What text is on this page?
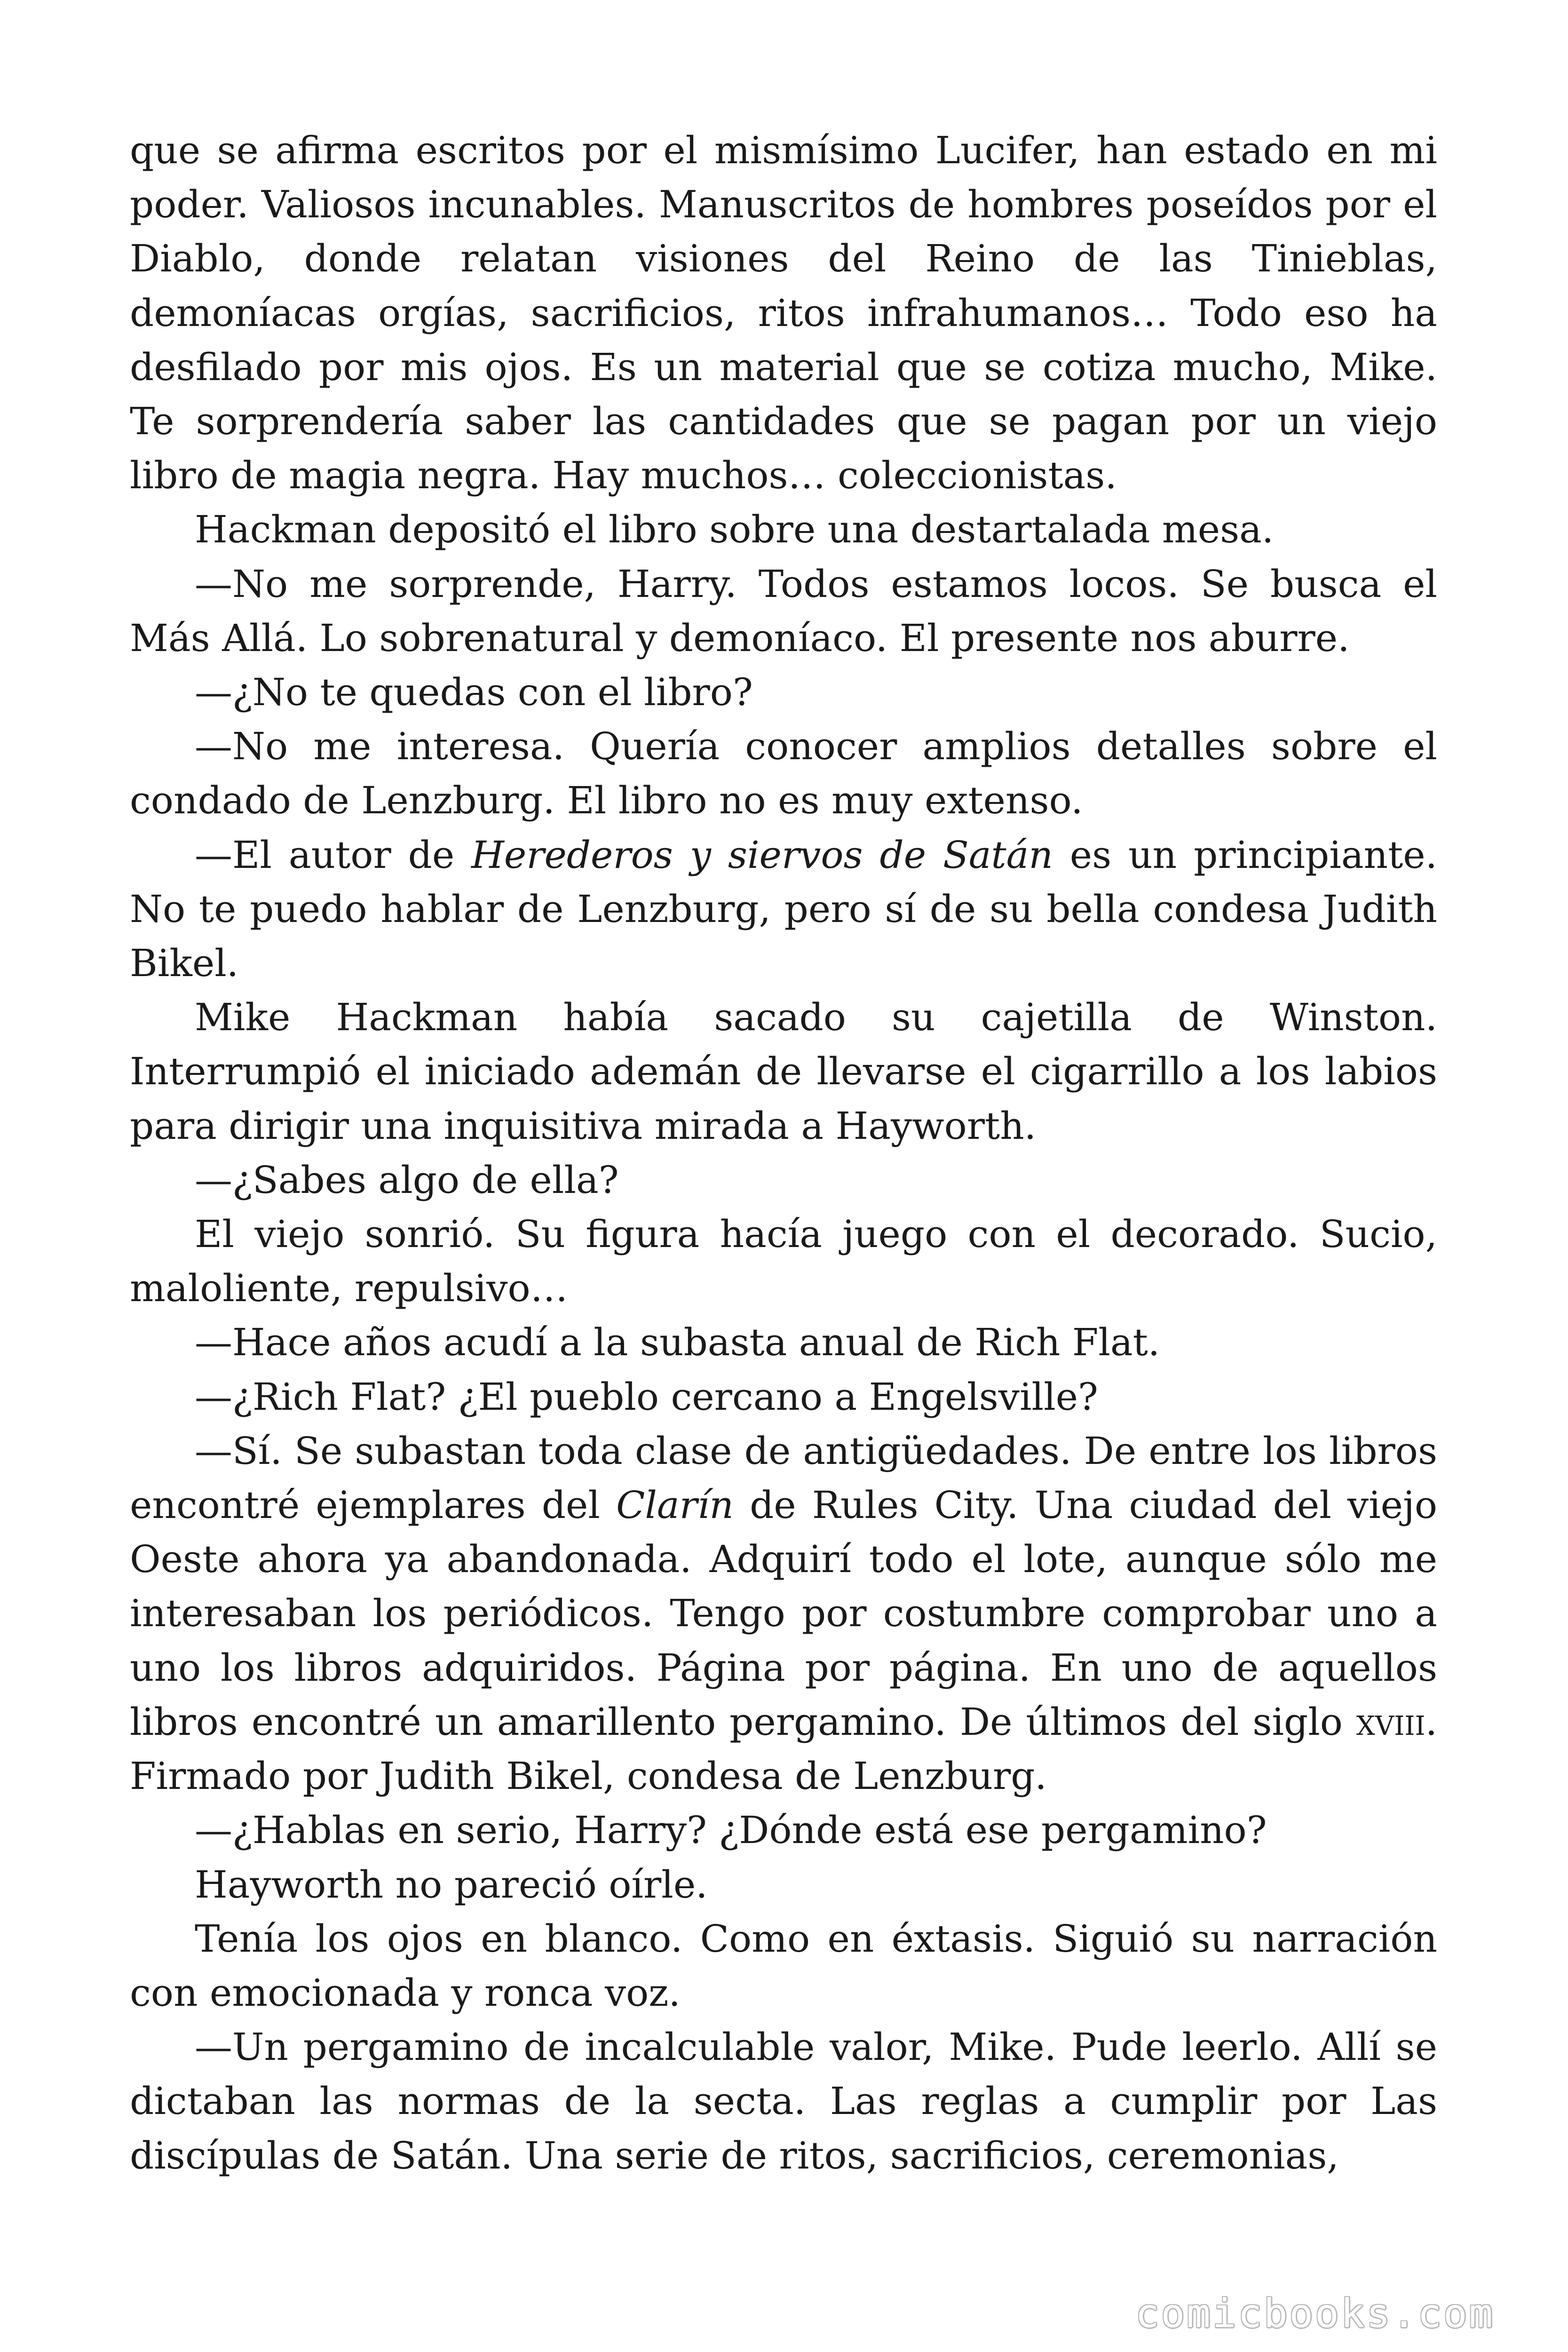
que se afirma escritos por el mismísimo Lucifer, han estado en mi poder. Valiosos incunables. Manuscritos de hombres poseídos por el Diablo, donde relatan visiones del Reino de las Tinieblas, demoníacas orgías, sacrificios, ritos infrahumanos… Todo eso ha desfilado por mis ojos. Es un material que se cotiza mucho, Mike. Te sorprendería saber las cantidades que se pagan por un viejo libro de magia negra. Hay muchos… coleccionistas.

Hackman depositó el libro sobre una destartalada mesa.

—No me sorprende, Harry. Todos estamos locos. Se busca el Más Allá. Lo sobrenatural y demoníaco. El presente nos aburre.

—¿No te quedas con el libro?

—No me interesa. Quería conocer amplios detalles sobre el condado de Lenzburg. El libro no es muy extenso.

—El autor de Herederos y siervos de Satán es un principiante. No te puedo hablar de Lenzburg, pero sí de su bella condesa Judith Bikel.

Mike Hackman había sacado su cajetilla de Winston. Interrumpió el iniciado ademán de llevarse el cigarrillo a los labios para dirigir una inquisitiva mirada a Hayworth.

—¿Sabes algo de ella?

El viejo sonrió. Su figura hacía juego con el decorado. Sucio, maloliente, repulsivo…

—Hace años acudí a la subasta anual de Rich Flat.

—¿Rich Flat? ¿El pueblo cercano a Engelsville?

—Sí. Se subastan toda clase de antigüedades. De entre los libros encontré ejemplares del Clarín de Rules City. Una ciudad del viejo Oeste ahora ya abandonada. Adquirí todo el lote, aunque sólo me interesaban los periódicos. Tengo por costumbre comprobar uno a uno los libros adquiridos. Página por página. En uno de aquellos libros encontré un amarillento pergamino. De últimos del siglo xviii. Firmado por Judith Bikel, condesa de Lenzburg.

—¿Hablas en serio, Harry? ¿Dónde está ese pergamino?

Hayworth no pareció oírle.

Tenía los ojos en blanco. Como en éxtasis. Siguió su narración con emocionada y ronca voz.

—Un pergamino de incalculable valor, Mike. Pude leerlo. Allí se dictaban las normas de la secta. Las reglas a cumplir por Las discípulas de Satán. Una serie de ritos, sacrificios, ceremonias,

comicbooks.com
